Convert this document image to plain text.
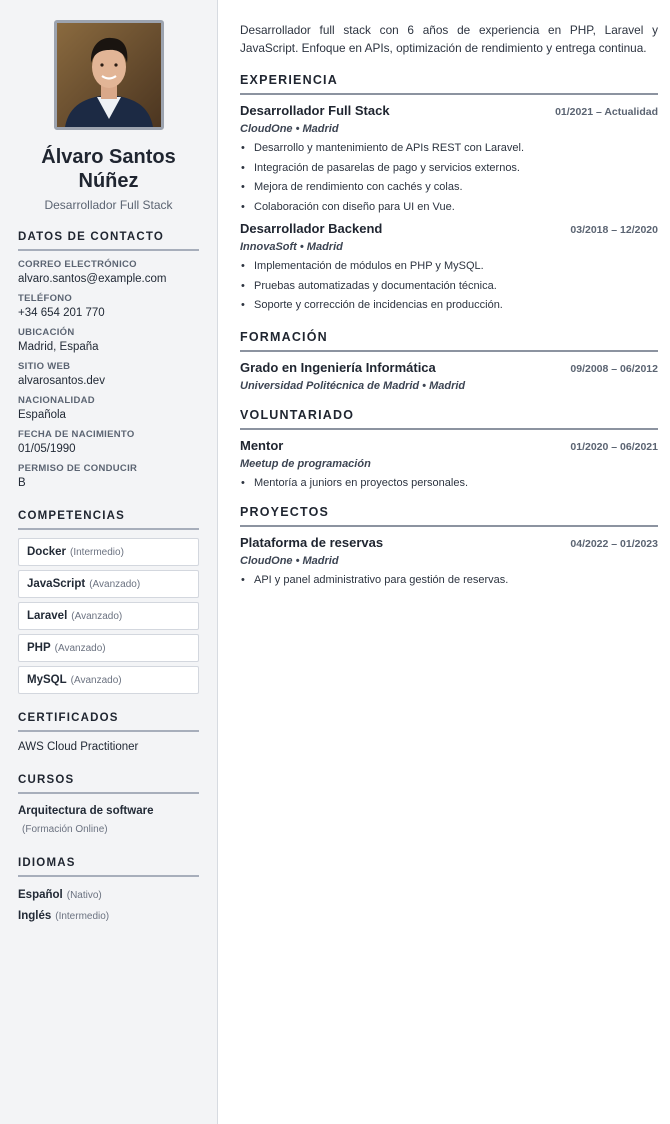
Álvaro Santos
Núñez
Desarrollador Full Stack
DATOS DE CONTACTO
CORREO ELECTRÓNICO
alvaro.santos@example.com
TELÉFONO
+34 654 201 770
UBICACIÓN
Madrid, España
SITIO WEB
alvarosantos.dev
NACIONALIDAD
Española
FECHA DE NACIMIENTO
01/05/1990
PERMISO DE CONDUCIR
B
COMPETENCIAS
Docker (Intermedio)
JavaScript (Avanzado)
Laravel (Avanzado)
PHP (Avanzado)
MySQL (Avanzado)
CERTIFICADOS
AWS Cloud Practitioner
CURSOS
Arquitectura de software (Formación Online)
IDIOMAS
Español (Nativo)
Inglés (Intermedio)

Desarrollador full stack con 6 años de experiencia en PHP, Laravel y JavaScript. Enfoque en APIs, optimización de rendimiento y entrega continua.

EXPERIENCIA
Desarrollador Full Stack	01/2021 – Actualidad
CloudOne • Madrid
• Desarrollo y mantenimiento de APIs REST con Laravel.
• Integración de pasarelas de pago y servicios externos.
• Mejora de rendimiento con cachés y colas.
• Colaboración con diseño para UI en Vue.
Desarrollador Backend	03/2018 – 12/2020
InnovaSoft • Madrid
• Implementación de módulos en PHP y MySQL.
• Pruebas automatizadas y documentación técnica.
• Soporte y corrección de incidencias en producción.
FORMACIÓN
Grado en Ingeniería Informática	09/2008 – 06/2012
Universidad Politécnica de Madrid • Madrid
VOLUNTARIADO
Mentor	01/2020 – 06/2021
Meetup de programación
• Mentoría a juniors en proyectos personales.
PROYECTOS
Plataforma de reservas	04/2022 – 01/2023
CloudOne • Madrid
• API y panel administrativo para gestión de reservas.
